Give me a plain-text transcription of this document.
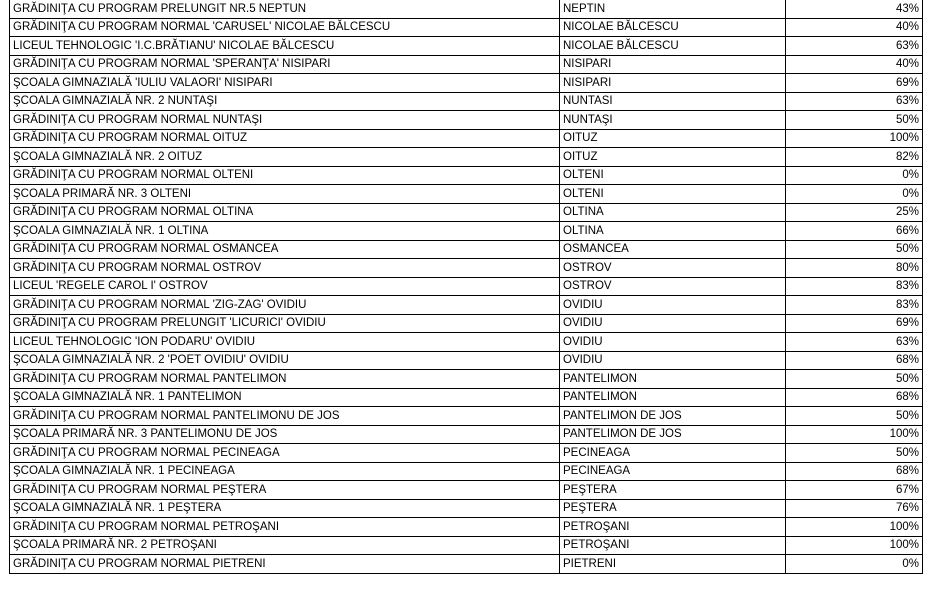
GRĂDINIŢA CU PROGRAM PRELUNGIT NR.5 NEPTUN	NEPTIN	43%
GRĂDINIŢA CU PROGRAM NORMAL 'CARUSEL' NICOLAE BĂLCESCU	NICOLAE BĂLCESCU	40%
LICEUL TEHNOLOGIC 'I.C.BRĂTIANU' NICOLAE BĂLCESCU	NICOLAE BĂLCESCU	63%
GRĂDINIŢA CU PROGRAM NORMAL 'SPERANŢA' NISIPARI	NISIPARI	40%
ŞCOALA GIMNAZIALĂ 'IULIU VALAORI' NISIPARI	NISIPARI	69%
ŞCOALA GIMNAZIALĂ NR. 2 NUNTAŞI	NUNTASI	63%
GRĂDINIŢA CU PROGRAM NORMAL NUNTAŞI	NUNTAŞI	50%
GRĂDINIŢA CU PROGRAM NORMAL OITUZ	OITUZ	100%
ŞCOALA GIMNAZIALĂ NR. 2 OITUZ	OITUZ	82%
GRĂDINIŢA CU PROGRAM NORMAL OLTENI	OLTENI	0%
ŞCOALA PRIMARĂ NR. 3 OLTENI	OLTENI	0%
GRĂDINIŢA CU PROGRAM NORMAL OLTINA	OLTINA	25%
ŞCOALA GIMNAZIALĂ NR. 1 OLTINA	OLTINA	66%
GRĂDINIŢA CU PROGRAM NORMAL OSMANCEA	OSMANCEA	50%
GRĂDINIŢA CU PROGRAM NORMAL OSTROV	OSTROV	80%
LICEUL 'REGELE CAROL I' OSTROV	OSTROV	83%
GRĂDINIŢA CU PROGRAM NORMAL 'ZIG-ZAG' OVIDIU	OVIDIU	83%
GRĂDINIŢA CU PROGRAM PRELUNGIT 'LICURICI' OVIDIU	OVIDIU	69%
LICEUL TEHNOLOGIC 'ION PODARU' OVIDIU	OVIDIU	63%
ŞCOALA GIMNAZIALĂ NR. 2 'POET OVIDIU' OVIDIU	OVIDIU	68%
GRĂDINIŢA CU PROGRAM NORMAL PANTELIMON	PANTELIMON	50%
ŞCOALA GIMNAZIALĂ NR. 1 PANTELIMON	PANTELIMON	68%
GRĂDINIŢA CU PROGRAM NORMAL PANTELIMONU DE JOS	PANTELIMON DE JOS	50%
ŞCOALA PRIMARĂ NR. 3 PANTELIMONU DE JOS	PANTELIMON DE JOS	100%
GRĂDINIŢA CU PROGRAM NORMAL PECINEAGA	PECINEAGA	50%
ŞCOALA GIMNAZIALĂ NR. 1 PECINEAGA	PECINEAGA	68%
GRĂDINIŢA CU PROGRAM NORMAL PEŞTERA	PEŞTERA	67%
ŞCOALA GIMNAZIALĂ NR. 1 PEŞTERA	PEŞTERA	76%
GRĂDINIŢA CU PROGRAM NORMAL PETROŞANI	PETROŞANI	100%
ŞCOALA PRIMARĂ NR. 2 PETROŞANI	PETROŞANI	100%
GRĂDINIŢA CU PROGRAM NORMAL PIETRENI	PIETRENI	0%
